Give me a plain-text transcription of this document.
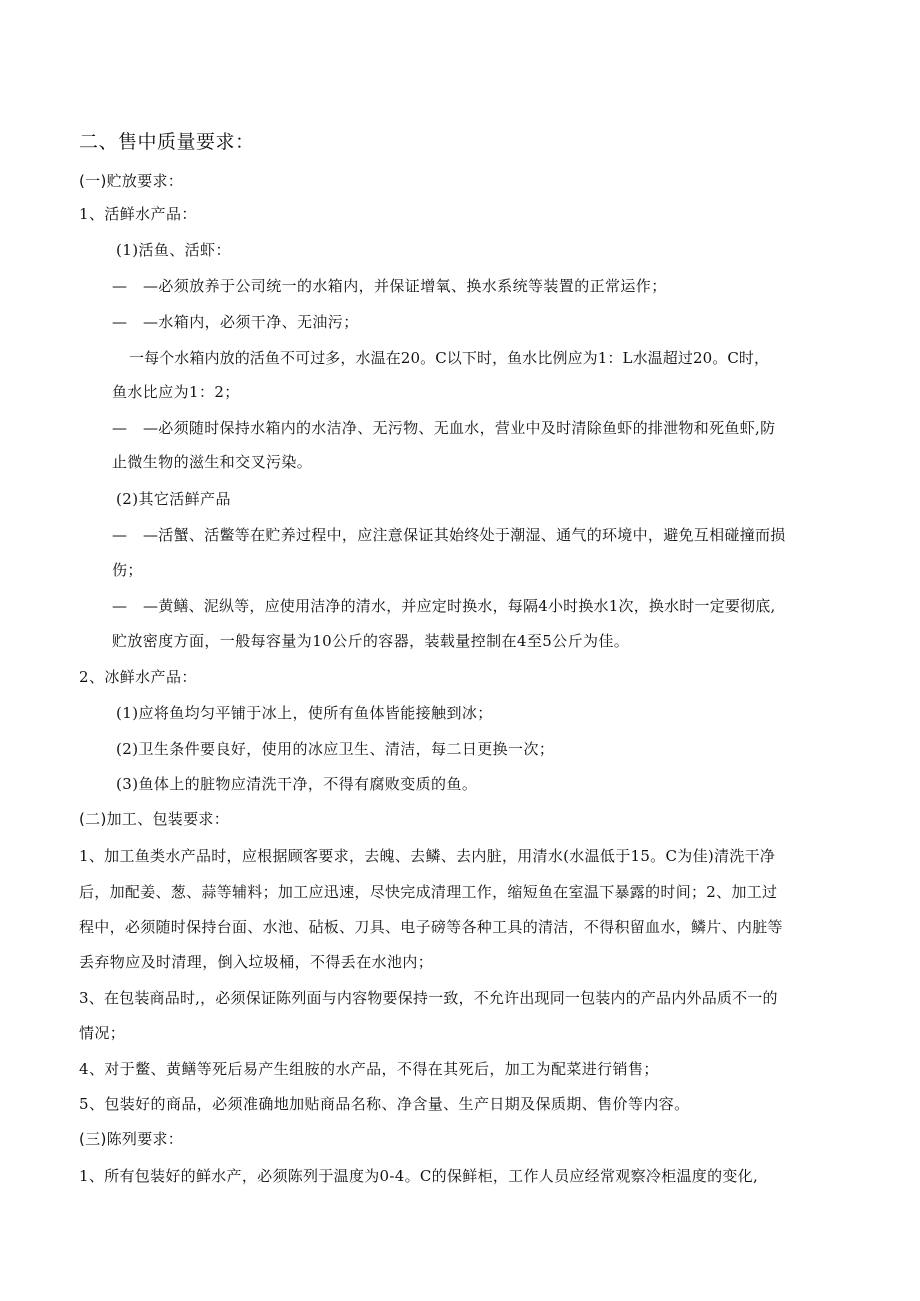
二、售中质量要求：
(一)贮放要求：
1、活鲜水产品：
(1)活鱼、活虾：
— —必须放养于公司统一的水箱内，并保证增氧、换水系统等装置的正常运作；
— —水箱内，必须干净、无油污；
一每个水箱内放的活鱼不可过多，水温在20。C以下时，鱼水比例应为1：L水温超过20。C时，
鱼水比应为1：2；
— —必须随时保持水箱内的水洁净、无污物、无血水，营业中及时清除鱼虾的排泄物和死鱼虾,防
止微生物的滋生和交叉污染。
(2)其它活鲜产品
— —活蟹、活鳖等在贮养过程中，应注意保证其始终处于潮湿、通气的环境中，避免互相碰撞而损
伤；
— —黄鳝、泥纵等，应使用洁净的清水，并应定时换水，每隔4小时换水1次，换水时一定要彻底,
贮放密度方面，一般每容量为10公斤的容器，装载量控制在4至5公斤为佳。
2、冰鲜水产品：
(1)应将鱼均匀平铺于冰上，使所有鱼体皆能接触到冰；
(2)卫生条件要良好，使用的冰应卫生、清洁，每二日更换一次；
(3)鱼体上的脏物应清洗干净，不得有腐败变质的鱼。
(二)加工、包装要求：
1、加工鱼类水产品时，应根据顾客要求，去魄、去鳞、去内脏，用清水(水温低于15。C为佳)清洗干净
后，加配姜、葱、蒜等辅料；加工应迅速，尽快完成清理工作，缩短鱼在室温下暴露的时间；2、加工过
程中，必须随时保持台面、水池、砧板、刀具、电子磅等各种工具的清洁，不得积留血水，鳞片、内脏等
丢弃物应及时清理，倒入垃圾桶，不得丢在水池内；
3、在包装商品时,，必须保证陈列面与内容物要保持一致，不允许出现同一包装内的产品内外品质不一的
情况；
4、对于鳖、黄鳝等死后易产生组胺的水产品，不得在其死后，加工为配菜进行销售；
5、包装好的商品，必须准确地加贴商品名称、净含量、生产日期及保质期、售价等内容。
(三)陈列要求：
1、所有包装好的鲜水产，必须陈列于温度为0-4。C的保鲜柜，工作人员应经常观察冷柜温度的变化,
